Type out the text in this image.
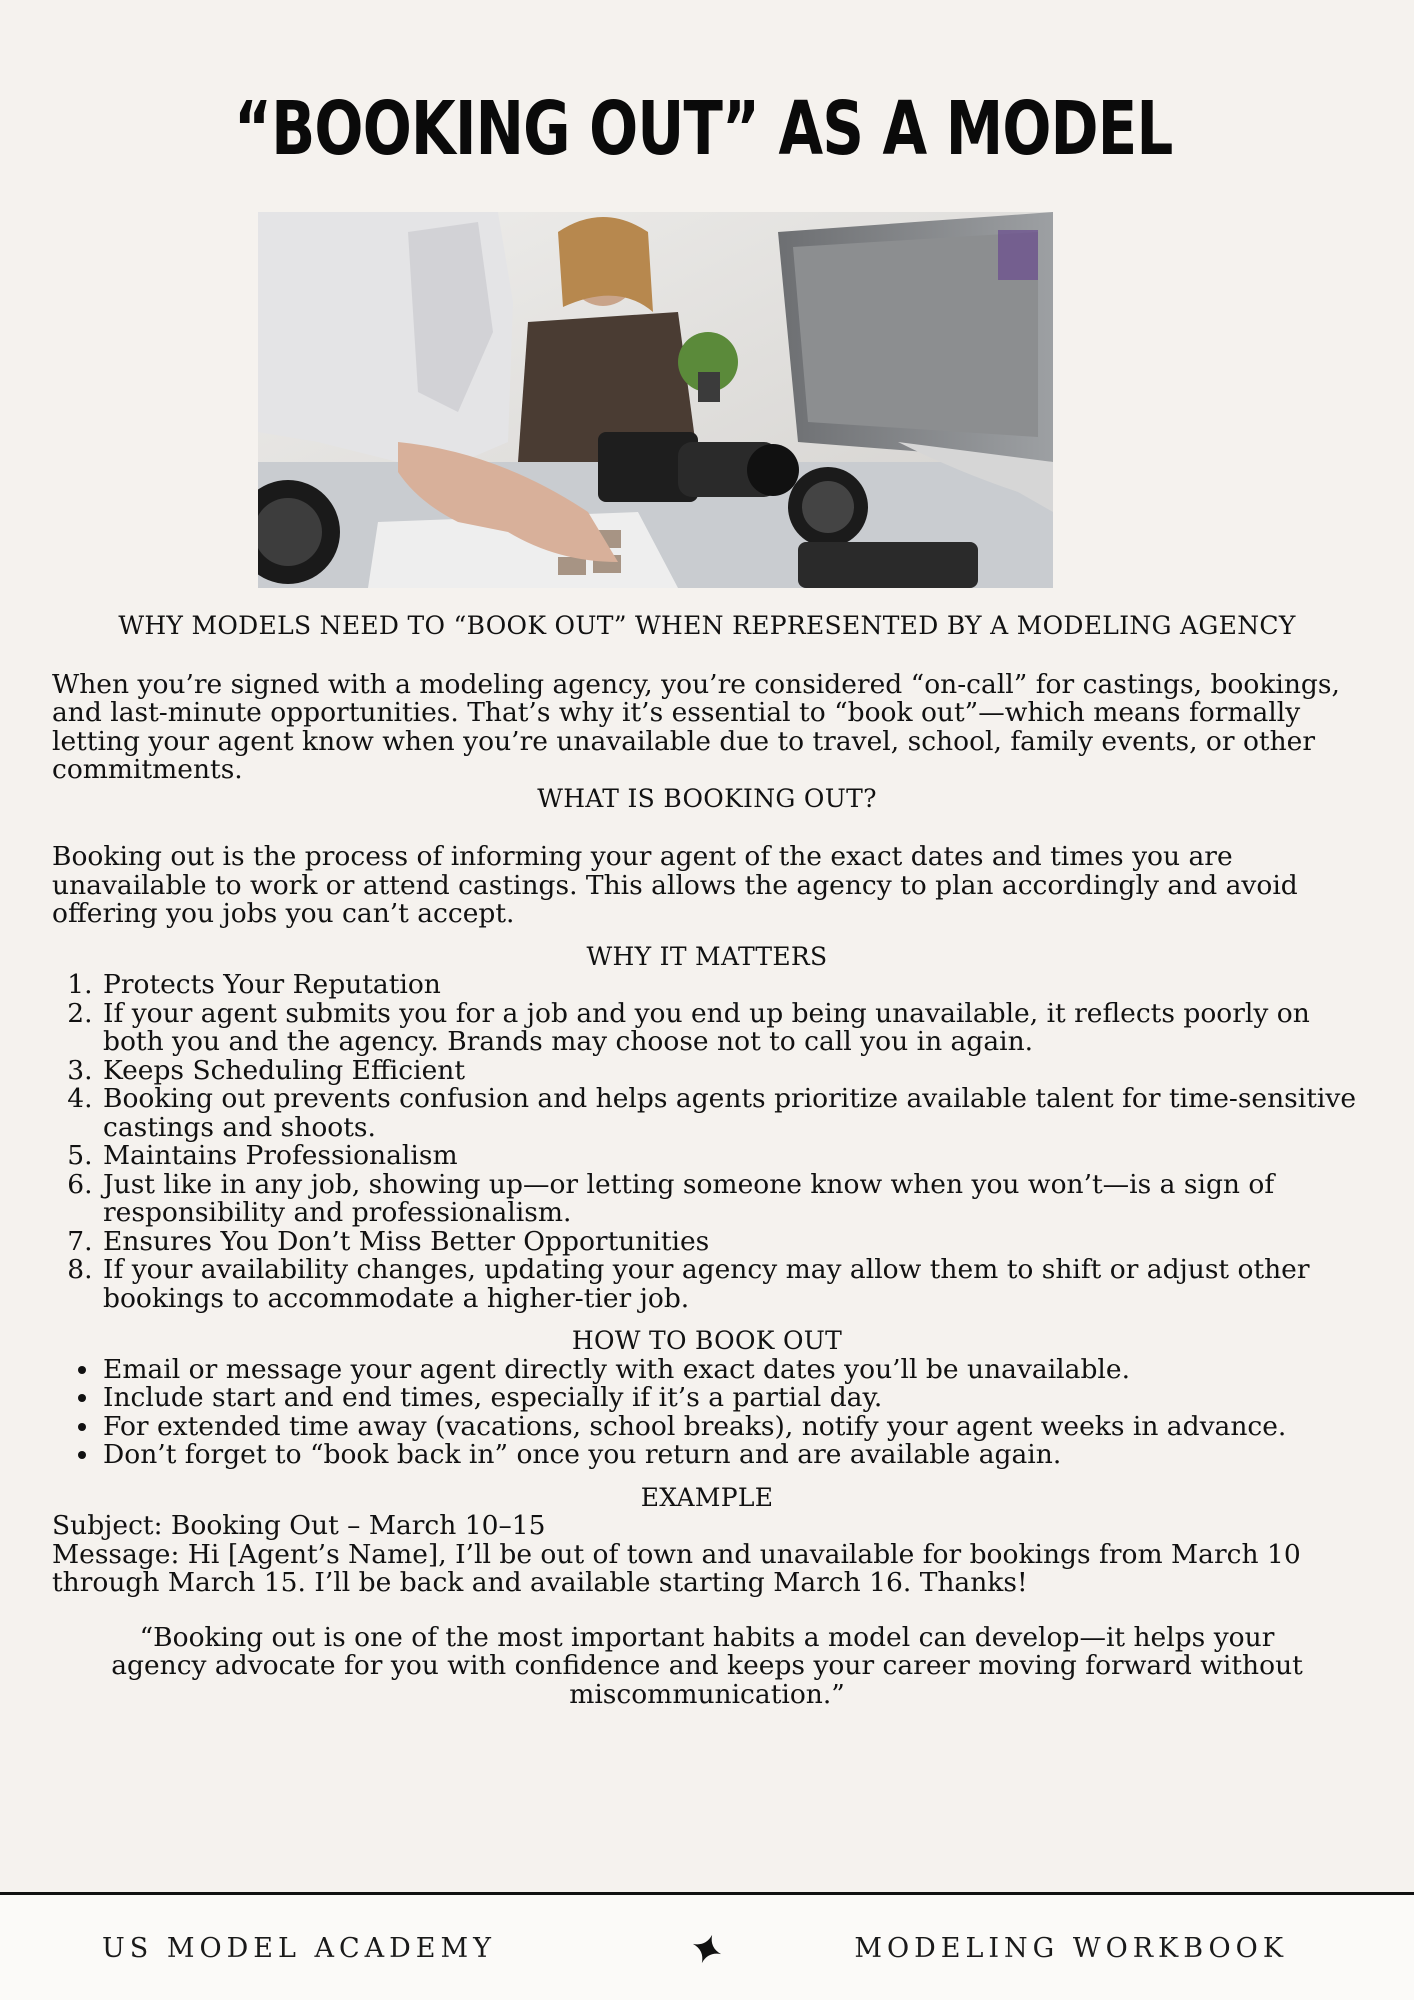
“BOOKING OUT” AS A MODEL

WHY MODELS NEED TO “BOOK OUT” WHEN REPRESENTED BY A MODELING AGENCY

When you’re signed with a modeling agency, you’re considered “on-call” for castings, bookings, and last-minute opportunities. That’s why it’s essential to “book out”—which means formally letting your agent know when you’re unavailable due to travel, school, family events, or other commitments.

WHAT IS BOOKING OUT?

Booking out is the process of informing your agent of the exact dates and times you are unavailable to work or attend castings. This allows the agency to plan accordingly and avoid offering you jobs you can’t accept.

WHY IT MATTERS

1. Protects Your Reputation
2. If your agent submits you for a job and you end up being unavailable, it reflects poorly on both you and the agency. Brands may choose not to call you in again.
3. Keeps Scheduling Efficient
4. Booking out prevents confusion and helps agents prioritize available talent for time-sensitive castings and shoots.
5. Maintains Professionalism
6. Just like in any job, showing up—or letting someone know when you won’t—is a sign of responsibility and professionalism.
7. Ensures You Don’t Miss Better Opportunities
8. If your availability changes, updating your agency may allow them to shift or adjust other bookings to accommodate a higher-tier job.

HOW TO BOOK OUT

• Email or message your agent directly with exact dates you’ll be unavailable.
• Include start and end times, especially if it’s a partial day.
• For extended time away (vacations, school breaks), notify your agent weeks in advance.
• Don’t forget to “book back in” once you return and are available again.

EXAMPLE

Subject: Booking Out – March 10–15

Message: Hi [Agent’s Name], I’ll be out of town and unavailable for bookings from March 10 through March 15. I’ll be back and available starting March 16. Thanks!

“Booking out is one of the most important habits a model can develop—it helps your agency advocate for you with confidence and keeps your career moving forward without miscommunication.”

US MODEL ACADEMY	MODELING WORKBOOK
